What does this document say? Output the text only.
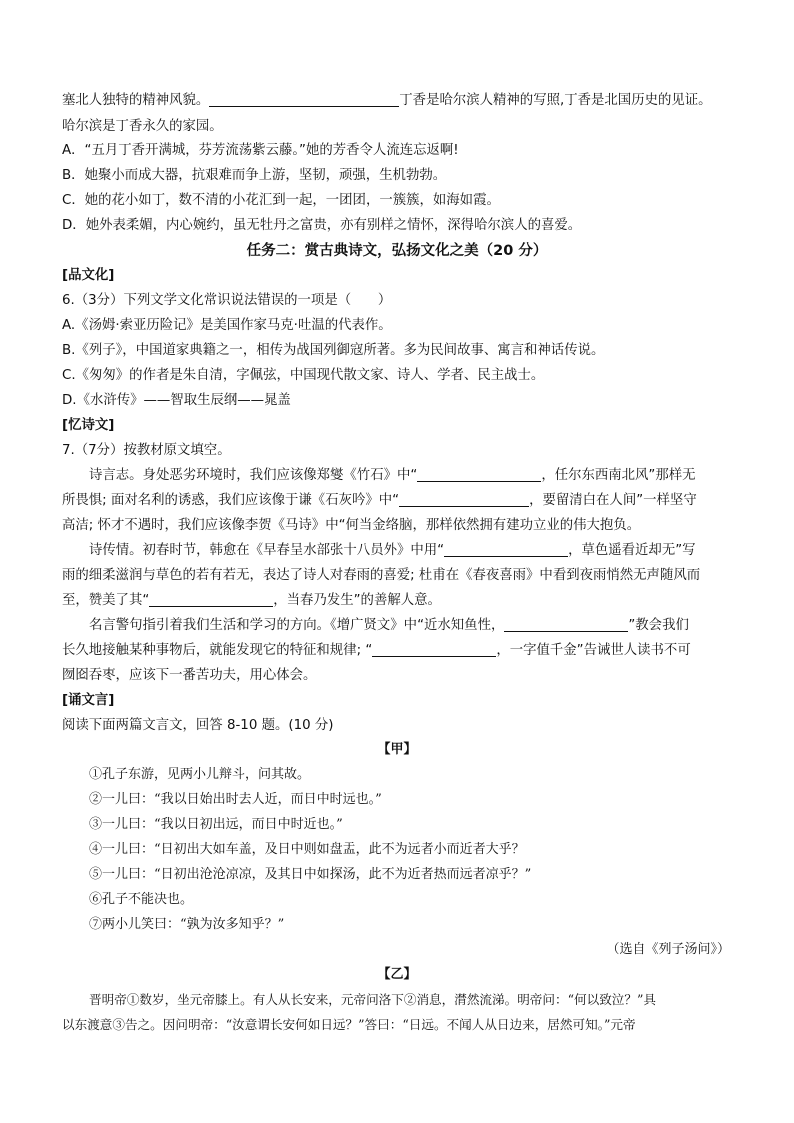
塞北人独特的精神风貌。	丁香是哈尔滨人精神的写照,丁香是北国历史的见证。
哈尔滨是丁香永久的家园。
A．“五月丁香开满城，芬芳流荡紫云藤。”她的芳香令人流连忘返啊!
B．她聚小而成大器，抗艰难而争上游，坚韧，顽强，生机勃勃。
C．她的花小如丁，数不清的小花汇到一起，一团团，一簇簇，如海如霞。
D．她外表柔媚，内心婉约，虽无牡丹之富贵，亦有别样之情怀，深得哈尔滨人的喜爱。
任务二：赏古典诗文，弘扬文化之美（20 分）
[品文化]
6.（3分）下列文学文化常识说法错误的一项是（　　）
A.《汤姆·索亚历险记》是美国作家马克·吐温的代表作。
B.《列子》，中国道家典籍之一，相传为战国列御寇所著。多为民间故事、寓言和神话传说。
C.《匆匆》的作者是朱自清，字佩弦，中国现代散文家、诗人、学者、民主战士。
D.《水浒传》——智取生辰纲——晁盖
[忆诗文]
7.（7分）按教材原文填空。
诗言志。身处恶劣环境时，我们应该像郑燮《竹石》中“	，任尔东西南北风”那样无
所畏惧; 面对名利的诱惑，我们应该像于谦《石灰吟》中“	，要留清白在人间”一样坚守
高洁; 怀才不遇时，我们应该像李贺《马诗》中“何当金络脑，那样依然拥有建功立业的伟大抱负。
诗传情。初春时节，韩愈在《早春呈水部张十八员外》中用“	，草色遥看近却无”写
雨的细柔滋润与草色的若有若无，表达了诗人对春雨的喜爱; 杜甫在《春夜喜雨》中看到夜雨悄然无声随风而
至，赞美了其“	，当春乃发生”的善解人意。
名言警句指引着我们生活和学习的方向。《增广贤文》中“近水知鱼性，	”教会我们
长久地接触某种事物后，就能发现它的特征和规律; “	，一字值千金”告诫世人读书不可
囫囵吞枣，应该下一番苦功夫，用心体会。
[诵文言]
阅读下面两篇文言文，回答 8-10 题。(10 分)
【甲】
①孔子东游，见两小儿辩斗，问其故。
②一儿曰：“我以日始出时去人近，而日中时远也。”
③一儿曰：“我以日初出远，而日中时近也。”
④一儿曰：“日初出大如车盖，及日中则如盘盂，此不为远者小而近者大乎？
⑤一儿曰：“日初出沧沧凉凉，及其日中如探汤，此不为近者热而远者凉乎？”
⑥孔子不能决也。
⑦两小儿笑曰：“孰为汝多知乎？”
（选自《列子汤问》）
【乙】
晋明帝①数岁，坐元帝膝上。有人从长安来，元帝问洛下②消息，潸然流涕。明帝问：“何以致泣？”具
以东渡意③告之。因问明帝：“汝意谓长安何如日远？”答曰：“日远。不闻人从日边来，居然可知。”元帝
